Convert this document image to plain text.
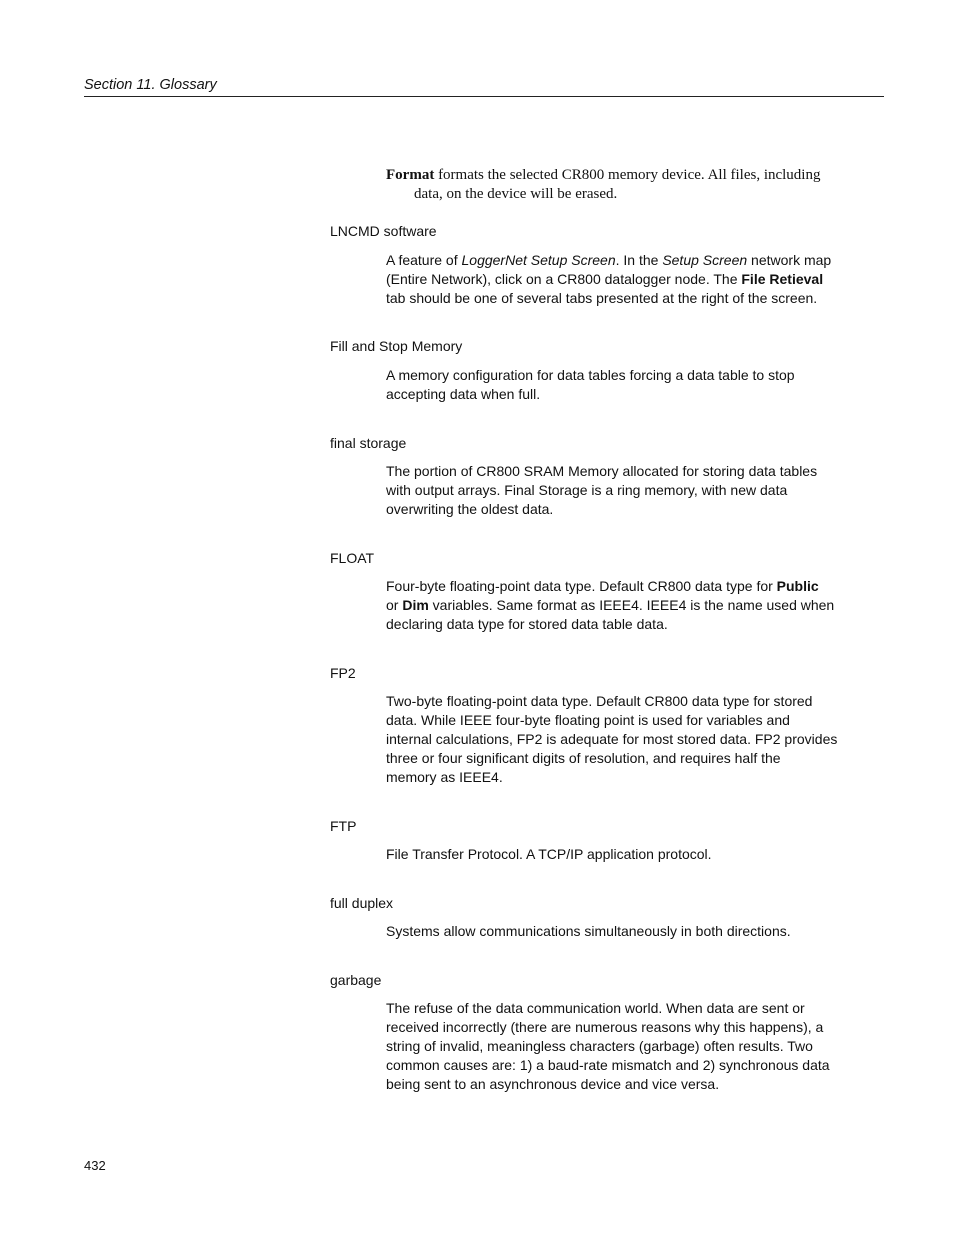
Section 11. Glossary
Format formats the selected CR800 memory device. All files, including
data, on the device will be erased.
LNCMD software
A feature of LoggerNet Setup Screen. In the Setup Screen network map
(Entire Network), click on a CR800 datalogger node. The File Retieval
tab should be one of several tabs presented at the right of the screen.
Fill and Stop Memory
A memory configuration for data tables forcing a data table to stop
accepting data when full.
final storage
The portion of CR800 SRAM Memory allocated for storing data tables
with output arrays. Final Storage is a ring memory, with new data
overwriting the oldest data.
FLOAT
Four-byte floating-point data type. Default CR800 data type for Public
or Dim variables. Same format as IEEE4. IEEE4 is the name used when
declaring data type for stored data table data.
FP2
Two-byte floating-point data type. Default CR800 data type for stored
data. While IEEE four-byte floating point is used for variables and
internal calculations, FP2 is adequate for most stored data. FP2 provides
three or four significant digits of resolution, and requires half the
memory as IEEE4.
FTP
File Transfer Protocol. A TCP/IP application protocol.
full duplex
Systems allow communications simultaneously in both directions.
garbage
The refuse of the data communication world. When data are sent or
received incorrectly (there are numerous reasons why this happens), a
string of invalid, meaningless characters (garbage) often results. Two
common causes are: 1) a baud-rate mismatch and 2) synchronous data
being sent to an asynchronous device and vice versa.
432
